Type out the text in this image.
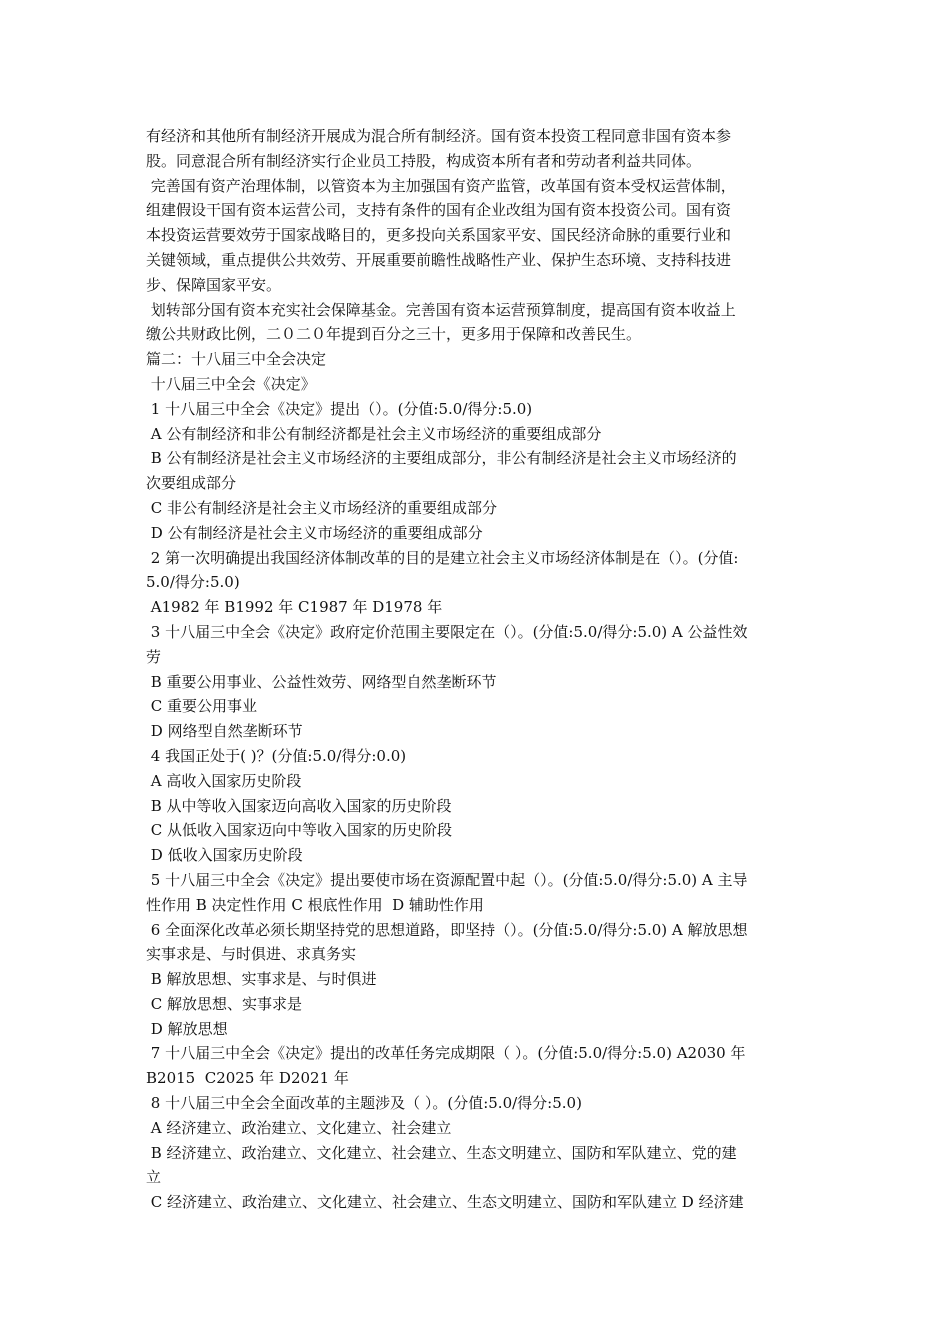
有经济和其他所有制经济开展成为混合所有制经济。国有资本投资工程同意非国有资本参
股。同意混合所有制经济实行企业员工持股，构成资本所有者和劳动者利益共同体。
完善国有资产治理体制，以管资本为主加强国有资产监管，改革国有资本受权运营体制，
组建假设干国有资本运营公司，支持有条件的国有企业改组为国有资本投资公司。国有资
本投资运营要效劳于国家战略目的，更多投向关系国家平安、国民经济命脉的重要行业和
关键领域，重点提供公共效劳、开展重要前瞻性战略性产业、保护生态环境、支持科技进
步、保障国家平安。
划转部分国有资本充实社会保障基金。完善国有资本运营预算制度，提高国有资本收益上
缴公共财政比例，二０二０年提到百分之三十，更多用于保障和改善民生。
篇二：十八届三中全会决定
十八届三中全会《决定》
1 十八届三中全会《决定》提出（）。(分值:5.0/得分:5.0)
A 公有制经济和非公有制经济都是社会主义市场经济的重要组成部分
B 公有制经济是社会主义市场经济的主要组成部分，非公有制经济是社会主义市场经济的
次要组成部分
C 非公有制经济是社会主义市场经济的重要组成部分
D 公有制经济是社会主义市场经济的重要组成部分
2 第一次明确提出我国经济体制改革的目的是建立社会主义市场经济体制是在（）。(分值:
5.0/得分:5.0)
A1982 年 B1992 年 C1987 年 D1978 年
3 十八届三中全会《决定》政府定价范围主要限定在（）。(分值:5.0/得分:5.0) A 公益性效
劳
B 重要公用事业、公益性效劳、网络型自然垄断环节
C 重要公用事业
D 网络型自然垄断环节
4 我国正处于( )？(分值:5.0/得分:0.0)
A 高收入国家历史阶段
B 从中等收入国家迈向高收入国家的历史阶段
C 从低收入国家迈向中等收入国家的历史阶段
D 低收入国家历史阶段
5 十八届三中全会《决定》提出要使市场在资源配置中起（）。(分值:5.0/得分:5.0) A 主导
性作用 B 决定性作用 C 根底性作用  D 辅助性作用
6 全面深化改革必须长期坚持党的思想道路，即坚持（）。(分值:5.0/得分:5.0) A 解放思想
实事求是、与时俱进、求真务实
B 解放思想、实事求是、与时俱进
C 解放思想、实事求是
D 解放思想
7 十八届三中全会《决定》提出的改革任务完成期限（ ）。(分值:5.0/得分:5.0) A2030 年
B2015  C2025 年 D2021 年
8 十八届三中全会全面改革的主题涉及（ ）。(分值:5.0/得分:5.0)
A 经济建立、政治建立、文化建立、社会建立
B 经济建立、政治建立、文化建立、社会建立、生态文明建立、国防和军队建立、党的建
立
C 经济建立、政治建立、文化建立、社会建立、生态文明建立、国防和军队建立 D 经济建
